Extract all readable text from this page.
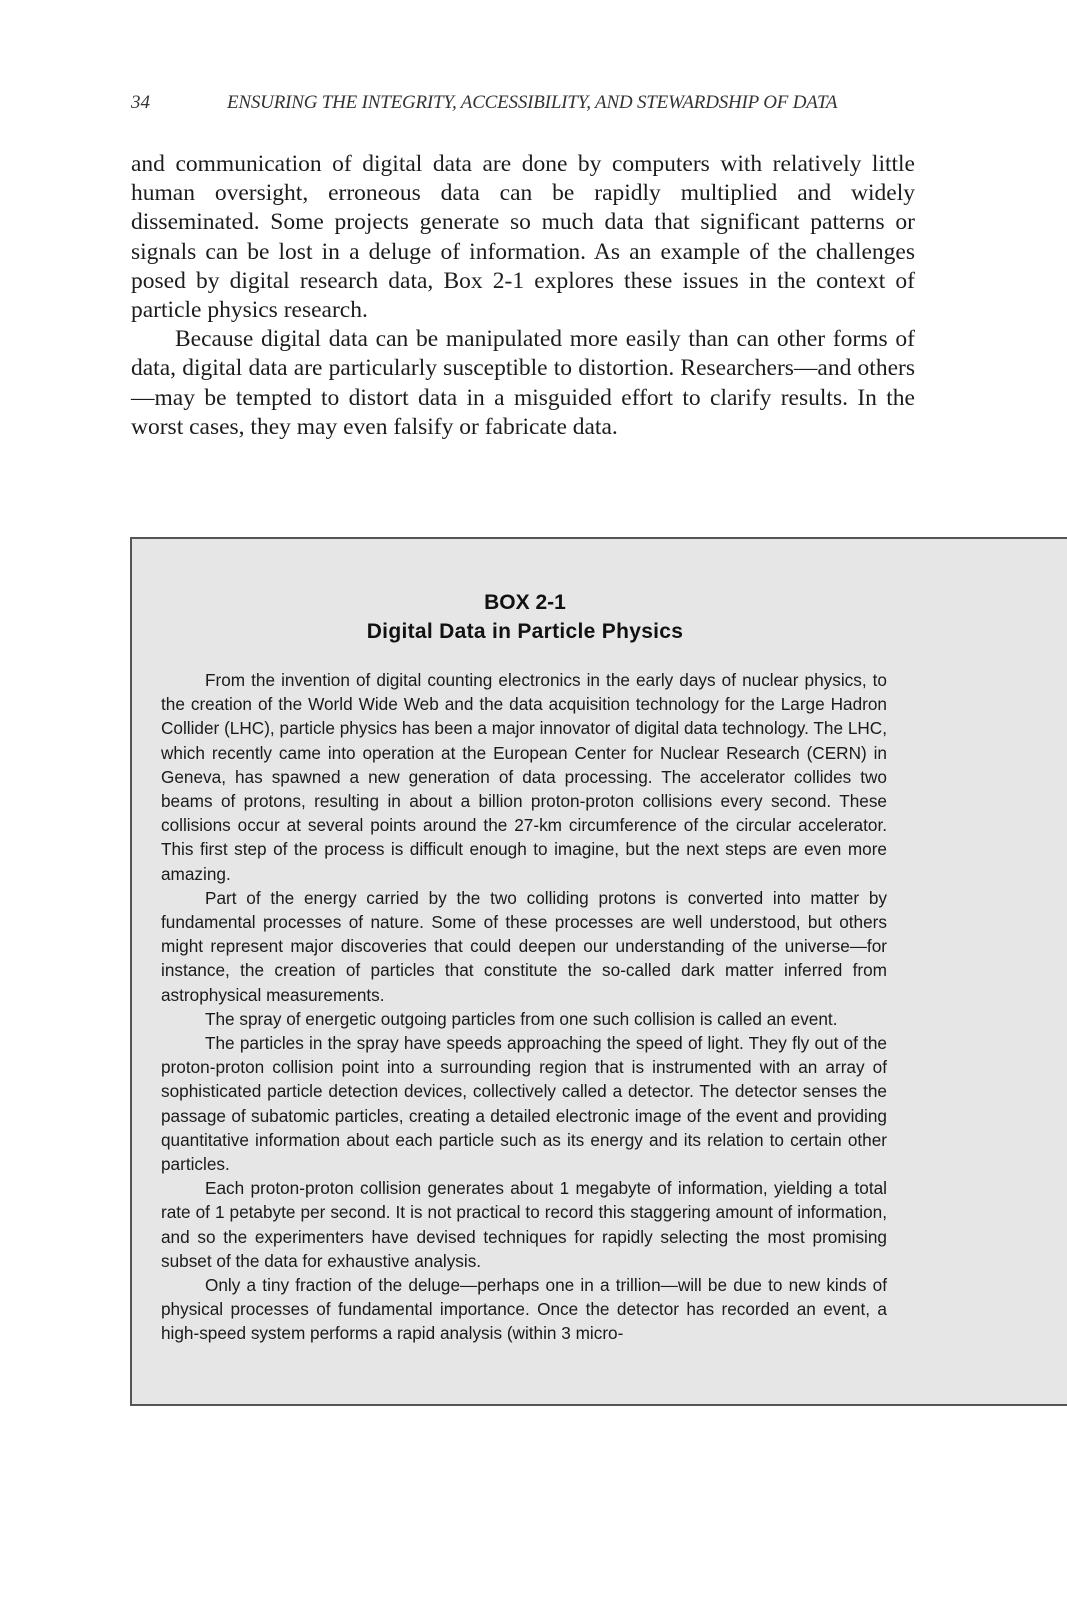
34	ENSURING THE INTEGRITY, ACCESSIBILITY, AND STEWARDSHIP OF DATA

and communication of digital data are done by computers with relatively little human oversight, erroneous data can be rapidly multiplied and widely disseminated. Some projects generate so much data that significant patterns or signals can be lost in a deluge of information. As an example of the challenges posed by digital research data, Box 2-1 explores these issues in the context of particle physics research.

Because digital data can be manipulated more easily than can other forms of data, digital data are particularly susceptible to distortion. Researchers—and others—may be tempted to distort data in a misguided effort to clarify results. In the worst cases, they may even falsify or fabricate data.

BOX 2-1
Digital Data in Particle Physics

From the invention of digital counting electronics in the early days of nuclear physics, to the creation of the World Wide Web and the data acquisition technology for the Large Hadron Collider (LHC), particle physics has been a major innovator of digital data technology. The LHC, which recently came into operation at the European Center for Nuclear Research (CERN) in Geneva, has spawned a new generation of data processing. The accelerator collides two beams of protons, resulting in about a billion proton-proton collisions every second. These collisions occur at several points around the 27-km circumference of the circular accelerator. This first step of the process is difficult enough to imagine, but the next steps are even more amazing.

Part of the energy carried by the two colliding protons is converted into matter by fundamental processes of nature. Some of these processes are well understood, but others might represent major discoveries that could deepen our understanding of the universe—for instance, the creation of particles that constitute the so-called dark matter inferred from astrophysical measurements.

The spray of energetic outgoing particles from one such collision is called an event.

The particles in the spray have speeds approaching the speed of light. They fly out of the proton-proton collision point into a surrounding region that is instrumented with an array of sophisticated particle detection devices, collectively called a detector. The detector senses the passage of subatomic particles, creating a detailed electronic image of the event and providing quantitative information about each particle such as its energy and its relation to certain other particles.

Each proton-proton collision generates about 1 megabyte of information, yielding a total rate of 1 petabyte per second. It is not practical to record this staggering amount of information, and so the experimenters have devised techniques for rapidly selecting the most promising subset of the data for exhaustive analysis.

Only a tiny fraction of the deluge—perhaps one in a trillion—will be due to new kinds of physical processes of fundamental importance. Once the detector has recorded an event, a high-speed system performs a rapid analysis (within 3 micro-
